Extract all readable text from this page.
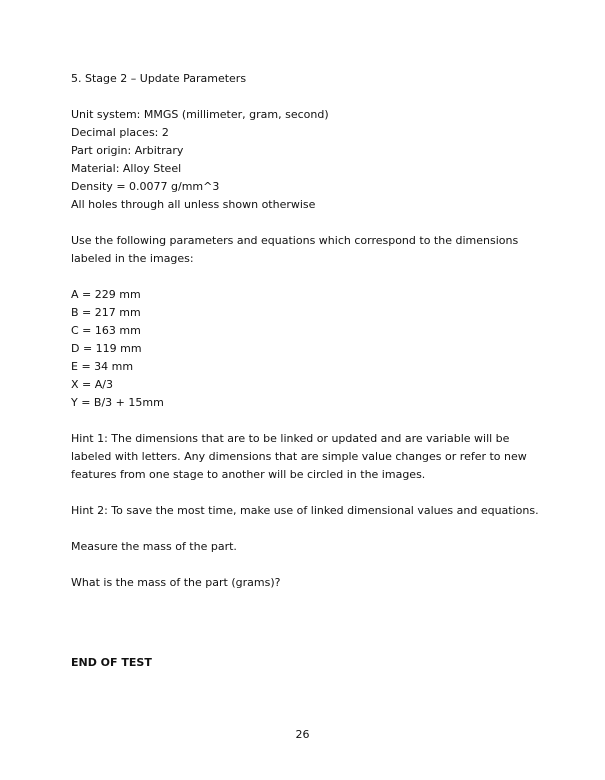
5. Stage 2 – Update Parameters
Unit system: MMGS (millimeter, gram, second)
Decimal places: 2
Part origin: Arbitrary
Material: Alloy Steel
Density = 0.0077 g/mm^3
All holes through all unless shown otherwise
Use the following parameters and equations which correspond to the dimensions
labeled in the images:
A = 229 mm
B = 217 mm
C = 163 mm
D = 119 mm
E = 34 mm
X = A/3
Y = B/3 + 15mm
Hint 1: The dimensions that are to be linked or updated and are variable will be
labeled with letters. Any dimensions that are simple value changes or refer to new
features from one stage to another will be circled in the images.
Hint 2: To save the most time, make use of linked dimensional values and equations.
Measure the mass of the part.
What is the mass of the part (grams)?
END OF TEST
26
